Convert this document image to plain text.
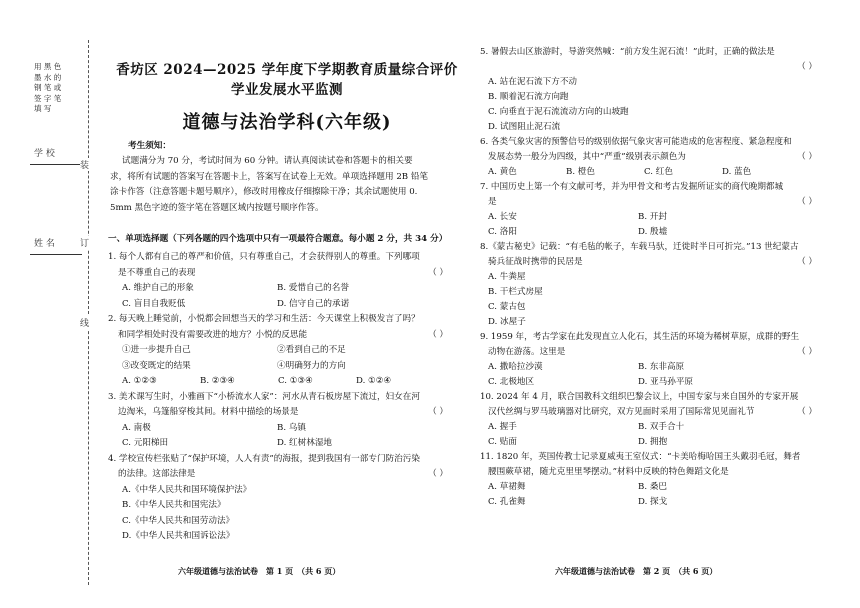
用 黑 色
墨 水 的
钢 笔 或
签 字 笔
填 写
学 校
姓 名
装
订
线
香坊区 2024—2025 学年度下学期教育质量综合评价
学业发展水平监测
道德与法治学科(六年级)
考生须知：
试题满分为 70 分，考试时间为 60 分钟。请认真阅读试卷和答题卡的相关要
求，将所有试题的答案写在答题卡上，答案写在试卷上无效。单项选择题用 2B 铅笔
涂卡作答（注意答题卡题号顺序），修改时用橡皮仔细擦除干净；其余试题使用 0.
5mm 黑色字迹的签字笔在答题区域内按题号顺序作答。
一、单项选择题（下列各题的四个选项中只有一项最符合题意。每小题 2 分，共 34 分）
1. 每个人都有自己的尊严和价值，只有尊重自己，才会获得别人的尊重。下列哪项
是不尊重自己的表现	（ ）
A. 维护自己的形象	B. 爱惜自己的名誉
C. 盲目自我贬低	D. 信守自己的承诺
2. 每天晚上睡觉前，小悦都会回想当天的学习和生活：今天课堂上积极发言了吗？
和同学相处时没有需要改进的地方？小悦的反思能	（ ）
①进一步提升自己	②看到自己的不足
③改变既定的结果	④明确努力的方向
A. ①②③	B. ②③④	C. ①③④	D. ①②④
3. 美术课写生时，小雅画下“小桥流水人家”：河水从青石板房屋下流过，妇女在河
边淘米，乌篷船穿梭其间。材料中描绘的场景是	（ ）
A. 南极	B. 乌镇
C. 元阳梯田	D. 红树林湿地
4. 学校宣传栏张贴了“保护环境，人人有责”的海报，提到我国有一部专门防治污染
的法律。这部法律是	（ ）
A.《中华人民共和国环境保护法》
B.《中华人民共和国宪法》
C.《中华人民共和国劳动法》
D.《中华人民共和国诉讼法》
5. 暑假去山区旅游时，导游突然喊：“前方发生泥石流！”此时，正确的做法是
（ ）
A. 站在泥石流下方不动
B. 顺着泥石流方向跑
C. 向垂直于泥石流流动方向的山坡跑
D. 试图阻止泥石流
6. 各类气象灾害的预警信号的级别依据气象灾害可能造成的危害程度、紧急程度和
发展态势一般分为四级，其中“严重”级别表示颜色为	（ ）
A. 黄色	B. 橙色	C. 红色	D. 蓝色
7. 中国历史上第一个有文献可考，并为甲骨文和考古发掘所证实的商代晚期都城
是	（ ）
A. 长安	B. 开封
C. 洛阳	D. 殷墟
8.《蒙古秘史》记载：“有毛毡的帐子，车载马驮，迁徙时半日可折完。”13 世纪蒙古
骑兵征战时携带的民居是	（ ）
A. 牛粪屋
B. 干栏式房屋
C. 蒙古包
D. 冰屋子
9. 1959 年，考古学家在此发现直立人化石，其生活的环境为稀树草原，成群的野生
动物在游荡。这里是	（ ）
A. 撒哈拉沙漠	B. 东非高原
C. 北极地区	D. 亚马孙平原
10. 2024 年 4 月，联合国教科文组织巴黎会议上，中国专家与来自国外的专家开展
汉代丝绸与罗马玻璃器对比研究，双方见面时采用了国际常见见面礼节	（ ）
A. 握手	B. 双手合十
C. 贴面	D. 拥抱
11. 1820 年，英国传教士记录夏威夷王室仪式：“卡美哈梅哈国王头戴羽毛冠，舞者
腰围蕨草裙，随尤克里里琴摆动。”材料中反映的特色舞蹈文化是
A. 草裙舞	B. 桑巴
C. 孔雀舞	D. 探戈
六年级道德与法治试卷　第 1 页　（共 6 页）	六年级道德与法治试卷　第 2 页　（共 6 页）
